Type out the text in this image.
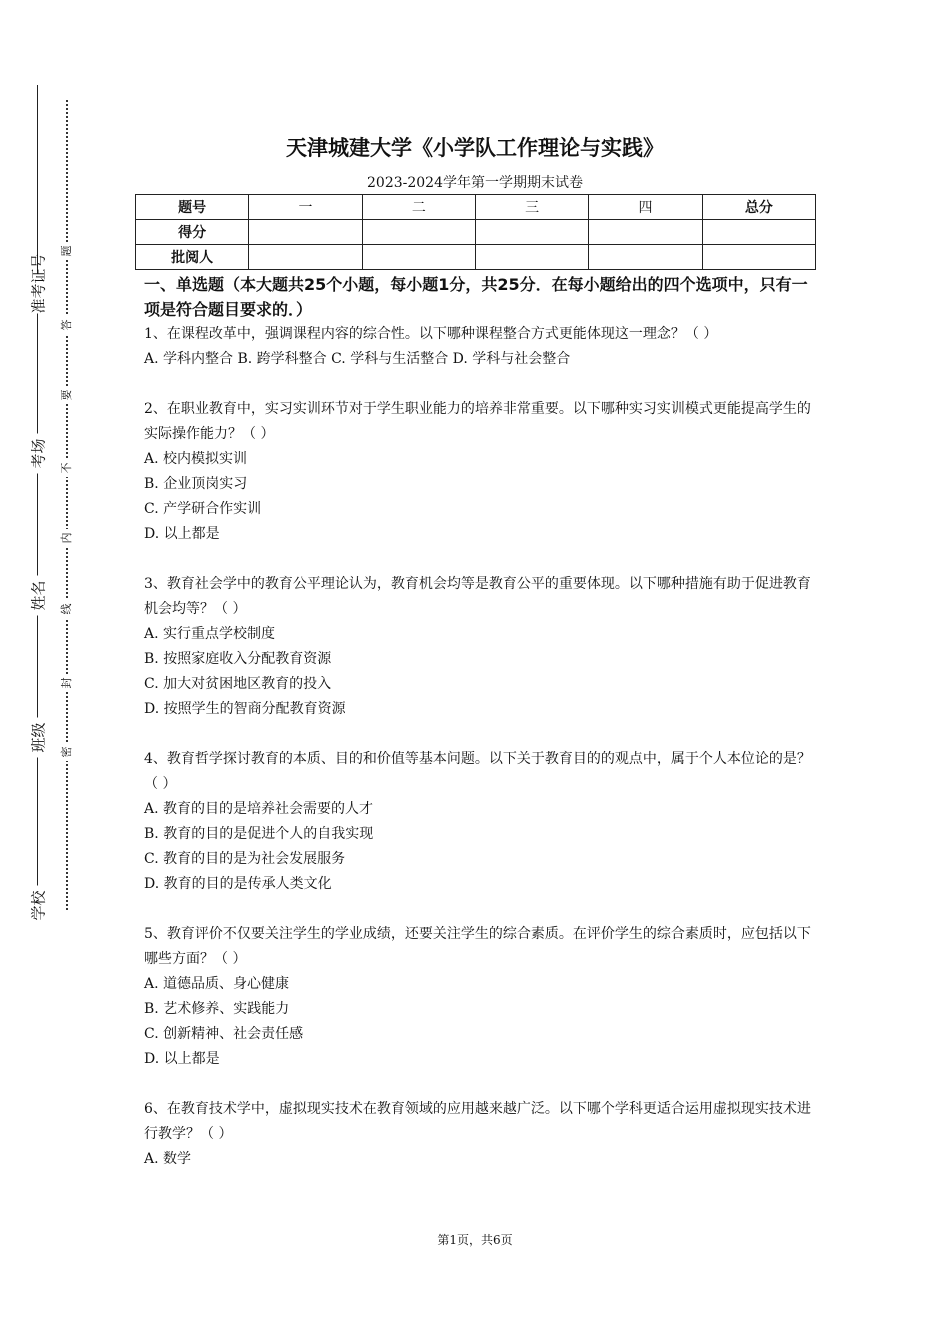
学校
班级
姓名
考场
准考证号
密
封
线
内
不
要
答
题
天津城建大学《小学队工作理论与实践》
2023-2024学年第一学期期末试卷
题号	一	二	三	四	总分
得分					
批阅人					
一、单选题（本大题共25个小题，每小题1分，共25分．在每小题给出的四个选项中，只有一项是符合题目要求的．）

1、在课程改革中，强调课程内容的综合性。以下哪种课程整合方式更能体现这一理念？（ ）

A. 学科内整合 B. 跨学科整合 C. 学科与生活整合 D. 学科与社会整合

2、在职业教育中，实习实训环节对于学生职业能力的培养非常重要。以下哪种实习实训模式更能提高学生的实际操作能力？（ ）

A. 校内模拟实训

B. 企业顶岗实习

C. 产学研合作实训

D. 以上都是

3、教育社会学中的教育公平理论认为，教育机会均等是教育公平的重要体现。以下哪种措施有助于促进教育机会均等？（ ）

A. 实行重点学校制度

B. 按照家庭收入分配教育资源

C. 加大对贫困地区教育的投入

D. 按照学生的智商分配教育资源

4、教育哲学探讨教育的本质、目的和价值等基本问题。以下关于教育目的的观点中，属于个人本位论的是？（ ）

A. 教育的目的是培养社会需要的人才

B. 教育的目的是促进个人的自我实现

C. 教育的目的是为社会发展服务

D. 教育的目的是传承人类文化

5、教育评价不仅要关注学生的学业成绩，还要关注学生的综合素质。在评价学生的综合素质时，应包括以下哪些方面？（ ）

A. 道德品质、身心健康

B. 艺术修养、实践能力

C. 创新精神、社会责任感

D. 以上都是

6、在教育技术学中，虚拟现实技术在教育领域的应用越来越广泛。以下哪个学科更适合运用虚拟现实技术进行教学？（ ）

A. 数学

第1页，共6页
